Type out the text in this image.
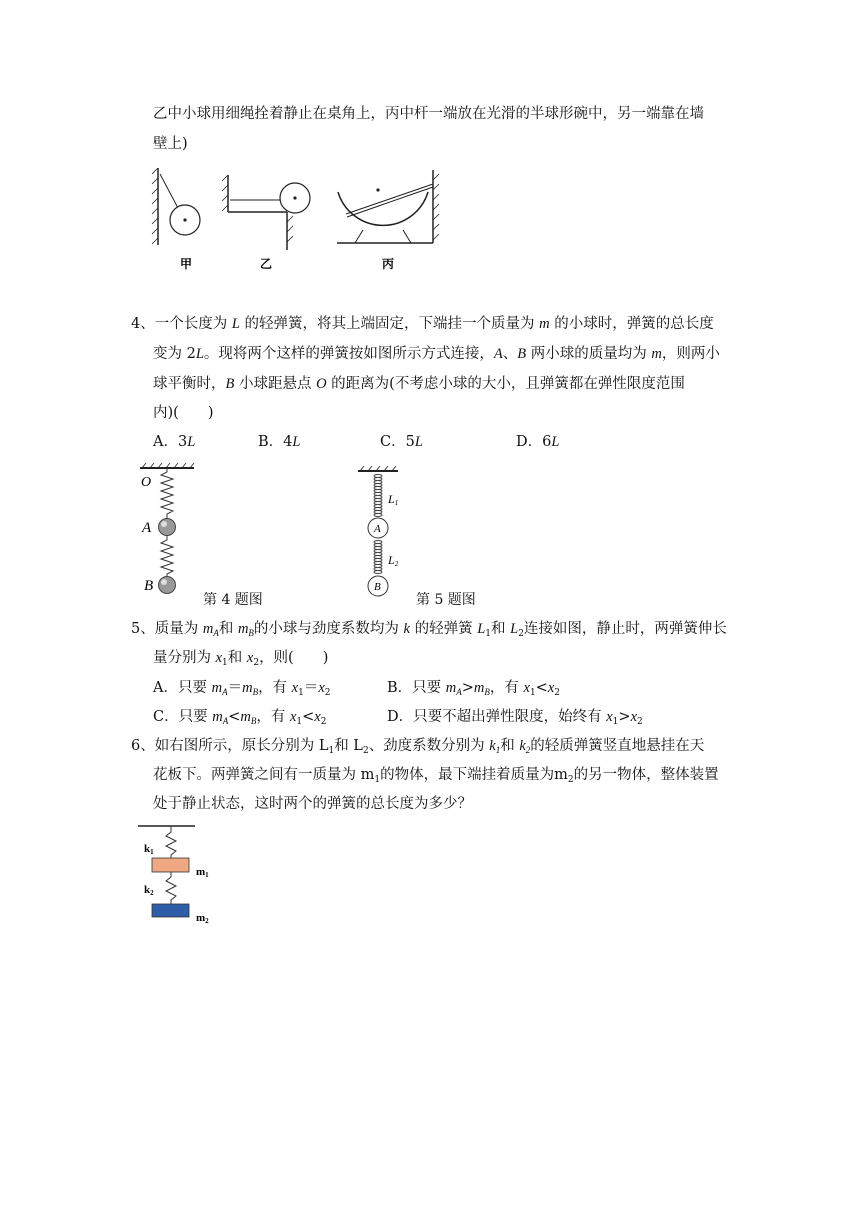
乙中小球用细绳拴着静止在桌角上，丙中杆一端放在光滑的半球形碗中，另一端靠在墙
壁上)
甲	乙	丙
4、一个长度为 L 的轻弹簧，将其上端固定，下端挂一个质量为 m 的小球时，弹簧的总长度
变为 2L。现将两个这样的弹簧按如图所示方式连接，A、B 两小球的质量均为 m，则两小
球平衡时，B 小球距悬点 O 的距离为(不考虑小球的大小，且弹簧都在弹性限度范围
内)(　　)
A．3L	B．4L	C．5L	D．6L
O
A
B
第 4 题图
A
B
L1
L2
第 5 题图
5、质量为 $m_A$和 $m_B$的小球与劲度系数均为 k 的轻弹簧 $L_1$和 $L_2$连接如图，静止时，两弹簧伸长
量分别为 $x_1$和 $x_2$，则(　　)
A．只要 $m_A=m_B$，有 $x_1=x_2$	B．只要 $m_A>m_B$，有 $x_1<x_2$
C．只要 $m_A<m_B$，有 $x_1<x_2$	D．只要不超出弹性限度，始终有 $x_1>x_2$
6、如右图所示，原长分别为 $L_1$和 $L_2$、劲度系数分别为 $k_1$和 $k_2$的轻质弹簧竖直地悬挂在天
花板下。两弹簧之间有一质量为 $m_1$的物体，最下端挂着质量为$m_2$的另一物体，整体装置
处于静止状态，这时两个的弹簧的总长度为多少？
k1
k2
m1
m2
